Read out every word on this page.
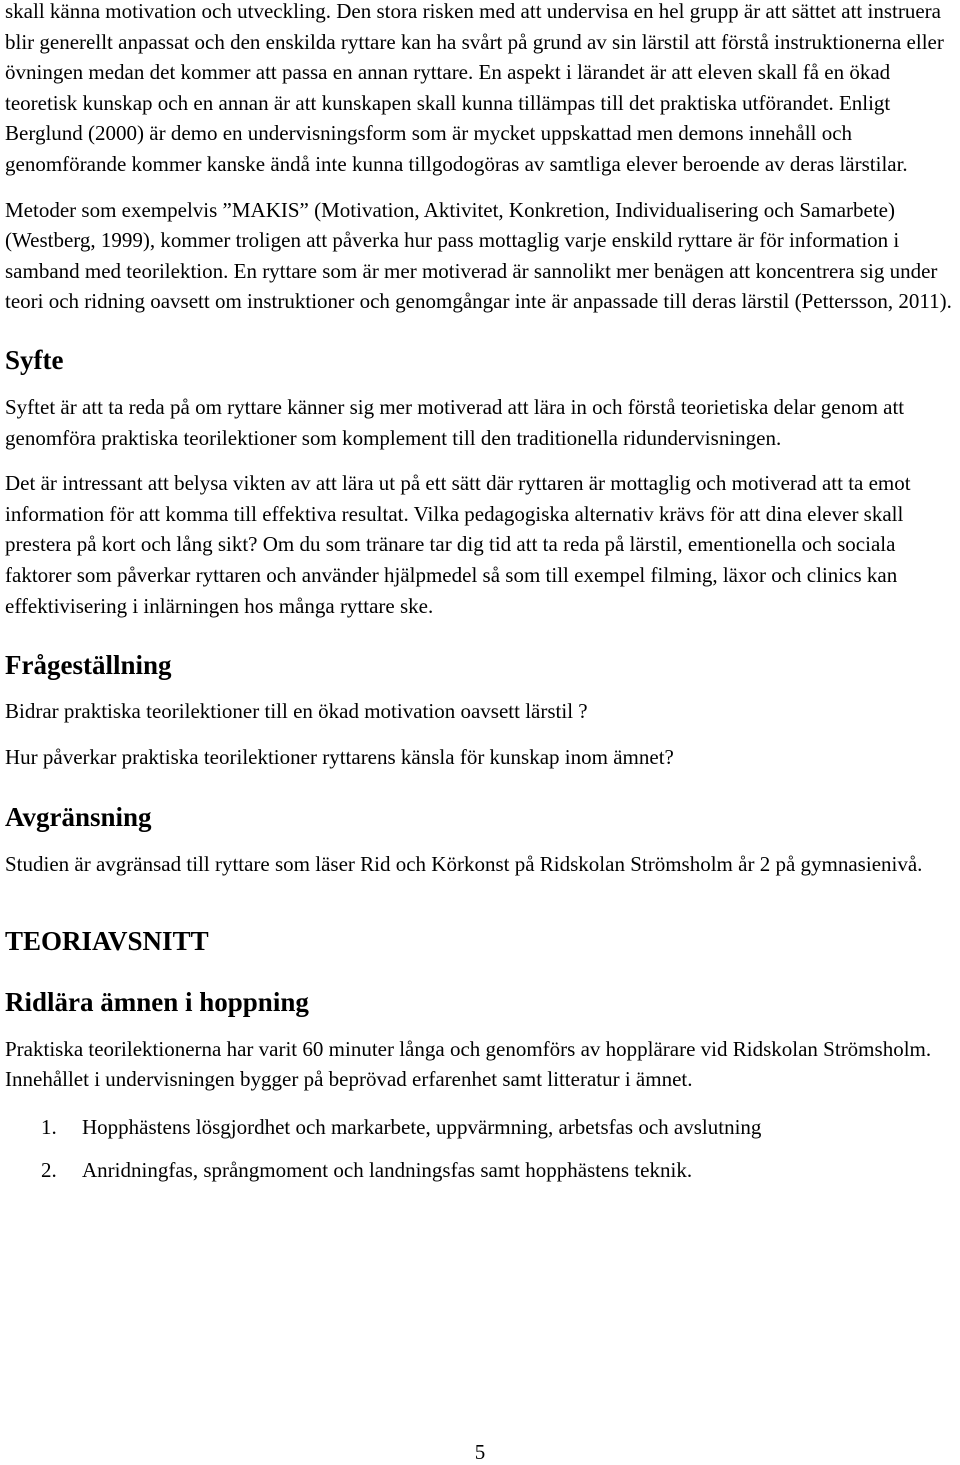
skall känna motivation och utveckling. Den stora risken med att undervisa en hel grupp är att sättet att instruera blir generellt anpassat och den enskilda ryttare kan ha svårt på grund av sin lärstil att förstå instruktionerna eller övningen medan det kommer att passa en annan ryttare. En aspekt i lärandet är att eleven skall få en ökad teoretisk kunskap och en annan är att kunskapen skall kunna tillämpas till det praktiska utförandet. Enligt Berglund (2000) är demo en undervisningsform som är mycket uppskattad men demons innehåll och genomförande kommer kanske ändå inte kunna tillgodogöras av samtliga elever beroende av deras lärstilar.

Metoder som exempelvis ”MAKIS” (Motivation, Aktivitet, Konkretion, Individualisering och Samarbete) (Westberg, 1999), kommer troligen att påverka hur pass mottaglig varje enskild ryttare är för information i samband med teorilektion. En ryttare som är mer motiverad är sannolikt mer benägen att koncentrera sig under teori och ridning oavsett om instruktioner och genomgångar inte är anpassade till deras lärstil (Pettersson, 2011).

Syfte

Syftet är att ta reda på om ryttare känner sig mer motiverad att lära in och förstå teorietiska delar genom att genomföra praktiska teorilektioner som komplement till den traditionella ridundervisningen.

Det är intressant att belysa vikten av att lära ut på ett sätt där ryttaren är mottaglig och motiverad att ta emot information för att komma till effektiva resultat. Vilka pedagogiska alternativ krävs för att dina elever skall prestera på kort och lång sikt? Om du som tränare tar dig tid att ta reda på lärstil, ementionella och sociala faktorer som påverkar ryttaren och använder hjälpmedel så som till exempel filming, läxor och clinics kan effektivisering i inlärningen hos många ryttare ske.

Frågeställning

Bidrar praktiska teorilektioner till en ökad motivation oavsett lärstil ?

Hur påverkar praktiska teorilektioner ryttarens känsla för kunskap inom ämnet?

Avgränsning

Studien är avgränsad till ryttare som läser Rid och Körkonst på Ridskolan Strömsholm år 2 på gymnasienivå.

TEORIAVSNITT
Ridlära ämnen i hoppning

Praktiska teorilektionerna har varit 60 minuter långa och genomförs av hopplärare vid Ridskolan Strömsholm. Innehållet i undervisningen bygger på beprövad erfarenhet samt litteratur i ämnet.

1.	Hopphästens lösgjordhet och markarbete, uppvärmning, arbetsfas och avslutning
2.	Anridningfas, språngmoment och landningsfas samt hopphästens teknik.
5
